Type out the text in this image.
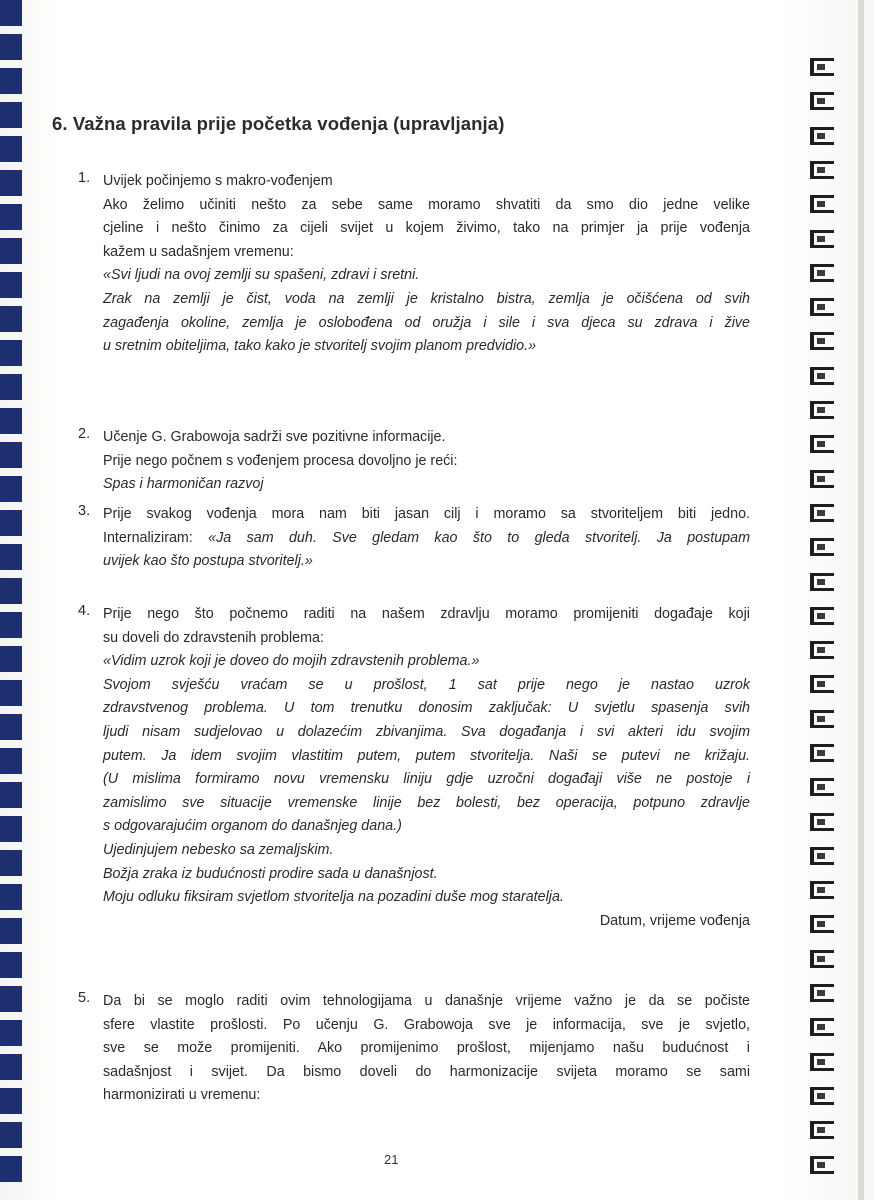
6. Važna pravila prije početka vođenja (upravljanja)
1. Uvijek počinjemo s makro-vođenjem
Ako želimo učiniti nešto za sebe same moramo shvatiti da smo dio jedne velike
cjeline i nešto činimo za cijeli svijet u kojem živimo, tako na primjer ja prije vođenja
kažem u sadašnjem vremenu:
«Svi ljudi na ovoj zemlji su spašeni, zdravi i sretni.
Zrak na zemlji je čist, voda na zemlji je kristalno bistra, zemlja je očišćena od svih
zagađenja okoline, zemlja je oslobođena od oružja i sile i sva djeca su zdrava i žive
u sretnim obiteljima, tako kako je stvoritelj svojim planom predvidio.»
2. Učenje G. Grabowoja sadrži sve pozitivne informacije.
Prije nego počnem s vođenjem procesa dovoljno je reći:
Spas i harmoničan razvoj
3. Prije svakog vođenja mora nam biti jasan cilj i moramo sa stvoriteljem biti jedno.
Internaliziram: «Ja sam duh. Sve gledam kao što to gleda stvoritelj. Ja postupam
uvijek kao što postupa stvoritelj.»
4. Prije nego što počnemo raditi na našem zdravlju moramo promijeniti događaje koji
su doveli do zdravstenih problema:
«Vidim uzrok koji je doveo do mojih zdravstenih problema.»
Svojom svješću vraćam se u prošlost, 1 sat prije nego je nastao uzrok
zdravstvenog problema. U tom trenutku donosim zaključak: U svjetlu spasenja svih
ljudi nisam sudjelovao u dolazećim zbivanjima. Sva događanja i svi akteri idu svojim
putem. Ja idem svojim vlastitim putem, putem stvoritelja. Naši se putevi ne križaju.
(U mislima formiramo novu vremensku liniju gdje uzročni događaji više ne postoje i
zamislimo sve situacije vremenske linije bez bolesti, bez operacija, potpuno zdravlje
s odgovarajućim organom do današnjeg dana.)
Ujedinjujem nebesko sa zemaljskim.
Božja zraka iz budućnosti prodire sada u današnjost.
Moju odluku fiksiram svjetlom stvoritelja na pozadini duše mog staratelja.
Datum, vrijeme vođenja
5. Da bi se moglo raditi ovim tehnologijama u današnje vrijeme važno je da se počiste
sfere vlastite prošlosti. Po učenju G. Grabowoja sve je informacija, sve je svjetlo,
sve se može promijeniti. Ako promijenimo prošlost, mijenjamo našu budućnost i
sadašnjost i svijet. Da bismo doveli do harmonizacije svijeta moramo se sami
harmonizirati u vremenu:
21
